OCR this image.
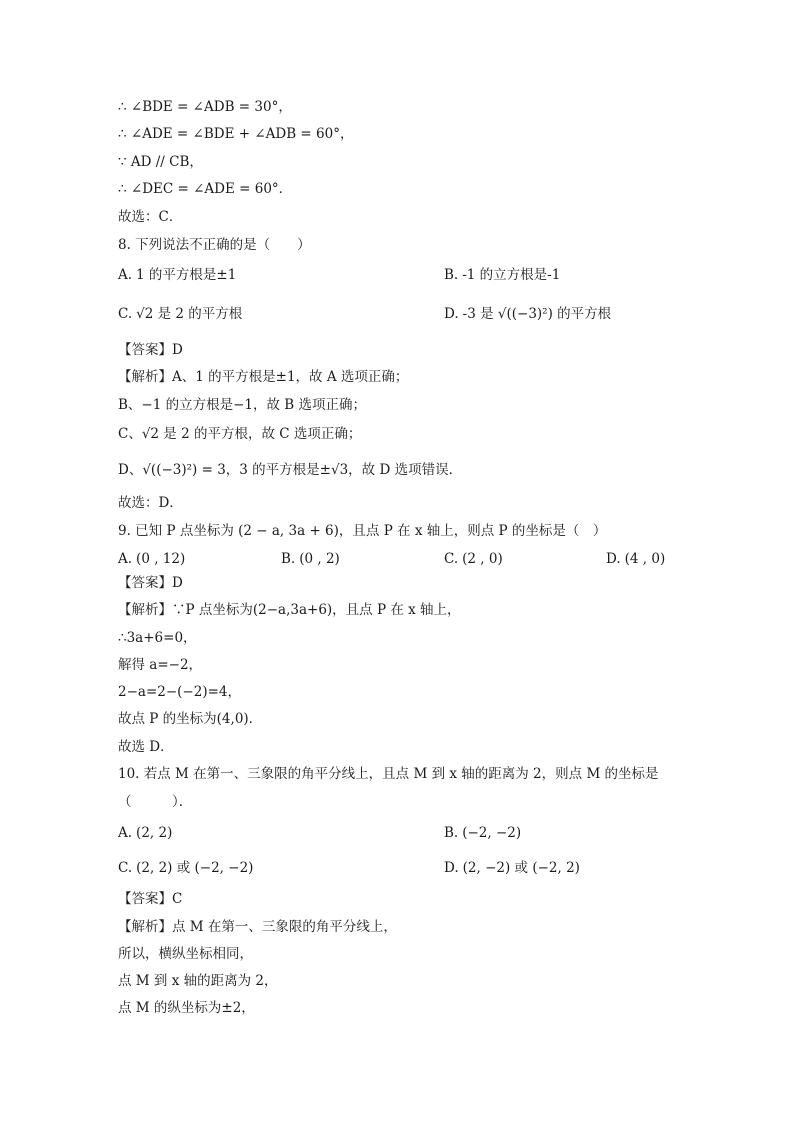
∴ ∠BDE = ∠ADB = 30°，
∴ ∠ADE = ∠BDE + ∠ADB = 60°，
∵ AD // CB，
∴ ∠DEC = ∠ADE = 60°．
故选：C．
8. 下列说法不正确的是（　　）
A. 1 的平方根是±1	B. -1 的立方根是-1
C. √2 是 2 的平方根	D. -3 是 √((−3)²) 的平方根
【答案】D
【解析】A、1 的平方根是±1，故 A 选项正确；
B、−1 的立方根是−1，故 B 选项正确；
C、√2 是 2 的平方根，故 C 选项正确；
D、√((−3)²) = 3，3 的平方根是±√3，故 D 选项错误．
故选：D．
9. 已知 P 点坐标为 (2 − a, 3a + 6)，且点 P 在 x 轴上，则点 P 的坐标是（　）
A. (0 , 12)	B. (0 , 2)	C. (2 , 0)	D. (4 , 0)
【答案】D
【解析】∵P 点坐标为(2−a,3a+6)，且点 P 在 x 轴上，
∴3a+6=0，
解得 a=−2，
2−a=2−(−2)=4，
故点 P 的坐标为(4,0)．
故选 D．
10. 若点 M 在第一、三象限的角平分线上，且点 M 到 x 轴的距离为 2，则点 M 的坐标是
（　　　）．
A. (2, 2)	B. (−2, −2)
C. (2, 2) 或 (−2, −2)	D. (2, −2) 或 (−2, 2)
【答案】C
【解析】点 M 在第一、三象限的角平分线上，
所以，横纵坐标相同，
点 M 到 x 轴的距离为 2，
点 M 的纵坐标为±2，
